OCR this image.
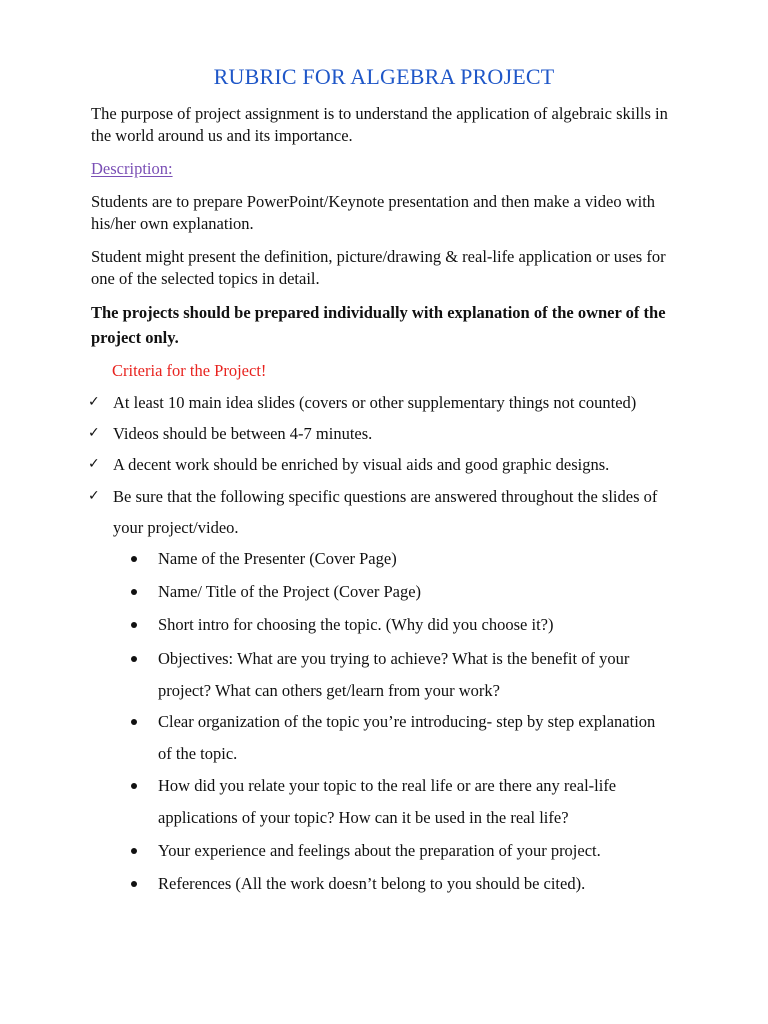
RUBRIC FOR ALGEBRA PROJECT
The purpose of project assignment is to understand the application of algebraic skills in the world around us and its importance.
Description:
Students are to prepare PowerPoint/Keynote presentation and then make a video with his/her own explanation.
Student might present the definition, picture/drawing & real-life application or uses for one of the selected topics in detail.
The projects should be prepared individually with explanation of the owner of the project only.
Criteria for the Project!
✓ At least 10 main idea slides (covers or other supplementary things not counted)
✓ Videos should be between 4-7 minutes.
✓ A decent work should be enriched by visual aids and good graphic designs.
✓ Be sure that the following specific questions are answered throughout the slides of your project/video.
Name of the Presenter (Cover Page)
Name/ Title of the Project (Cover Page)
Short intro for choosing the topic. (Why did you choose it?)
Objectives: What are you trying to achieve? What is the benefit of your project? What can others get/learn from your work?
Clear organization of the topic you’re introducing- step by step explanation of the topic.
How did you relate your topic to the real life or are there any real-life applications of your topic? How can it be used in the real life?
Your experience and feelings about the preparation of your project.
References (All the work doesn’t belong to you should be cited).
